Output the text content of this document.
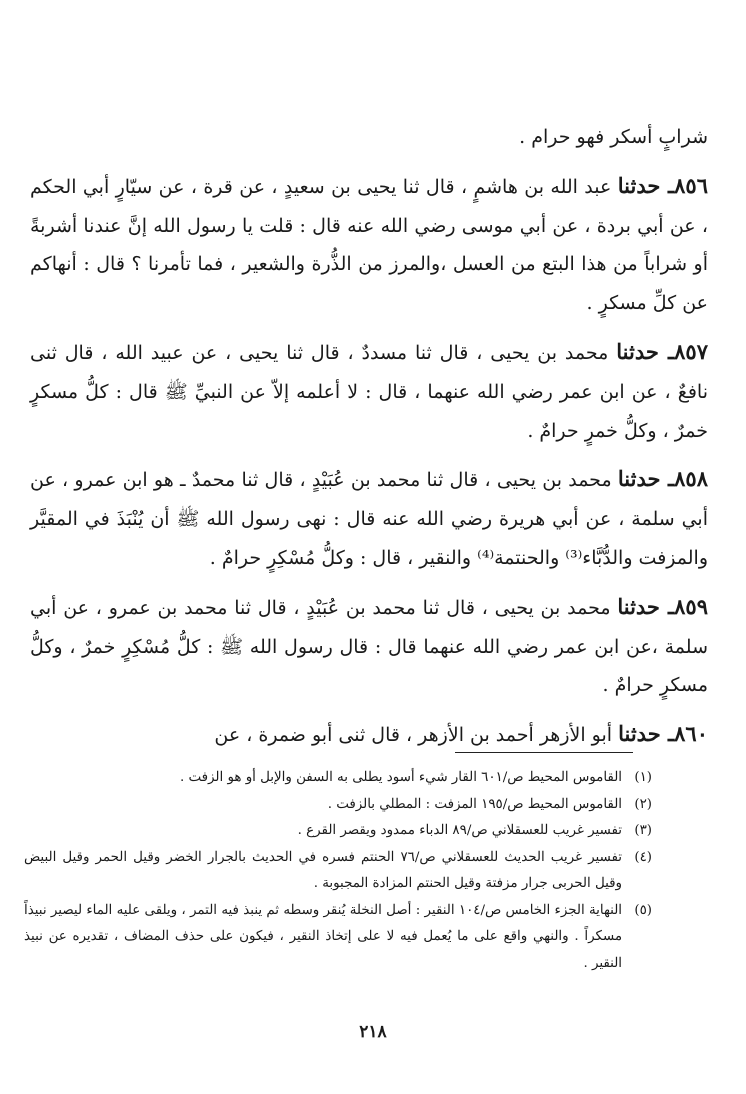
شرابٍ أسكر فهو حرام .

٨٥٦ـ حدثنا عبد الله بن هاشمٍ ، قال ثنا يحيى بن سعيدٍ ، عن قرة ، عن سيّارٍ أبي الحكم ، عن أبي بردة ، عن أبي موسى رضي الله عنه قال : قلت يا رسول الله إنَّ عندنا أشربةً أو شراباً من هذا البتع من العسل ،والمرز من الذُّرة والشعير ، فما تأمرنا ؟ قال : أنهاكم عن كلِّ مسكرٍ .

٨٥٧ـ حدثنا محمد بن يحيى ، قال ثنا مسددٌ ، قال ثنا يحيى ، عن عبيد الله ، قال ثنى نافعٌ ، عن ابن عمر رضي الله عنهما ، قال : لا أعلمه إلاّ عن النبيِّ ﷺ قال : كلُّ مسكرٍ خمرٌ ، وكلُّ خمرٍ حرامٌ .

٨٥٨ـ حدثنا محمد بن يحيى ، قال ثنا محمد بن عُبَيْدٍ ، قال ثنا محمدٌ ـ هو ابن عمرو ، عن أبي سلمة ، عن أبي هريرة رضي الله عنه قال : نهى رسول الله ﷺ أن يُنْبَذَ في المقيَّر والمزفت والدُّبَّاء⁽³⁾ والحنتمة⁽⁴⁾ والنقير ، قال : وكلُّ مُسْكِرٍ حرامٌ .

٨٥٩ـ حدثنا محمد بن يحيى ، قال ثنا محمد بن عُبَيْدٍ ، قال ثنا محمد بن عمرو ، عن أبي سلمة ،عن ابن عمر رضي الله عنهما قال : قال رسول الله ﷺ : كلُّ مُسْكِرٍ خمرٌ ، وكلُّ مسكرٍ حرامٌ .

٨٦٠ـ حدثنا أبو الأزهر أحمد بن الأزهر ، قال ثنى أبو ضمرة ، عن

(١)
القاموس المحيط ص/٦٠١ القار شيء أسود يطلى به السفن والإبل أو هو الزفت .
(٢)
القاموس المحيط ص/١٩٥ المزفت : المطلي بالزفت .
(٣)
تفسير غريب للعسقلاني ص/٨٩ الدباء ممدود ويقصر القرع .
(٤)
تفسير غريب الحديث للعسقلاني ص/٧٦ الحنتم فسره في الحديث بالجرار الخضر وقيل الحمر وقيل البيض وقيل الحربى جرار مزفتة وقيل الحنتم المزادة المجبوبة .
(٥)
النهاية الجزء الخامس ص/١٠٤ النقير : أصل النخلة يُنقر وسطه ثم ينبذ فيه التمر ، ويلقى عليه الماء ليصير نبيذاً مسكراً . والنهي واقع على ما يُعمل فيه لا على إتخاذ النقير ، فيكون على حذف المضاف ، تقديره عن نبيذ النقير .
٢١٨
